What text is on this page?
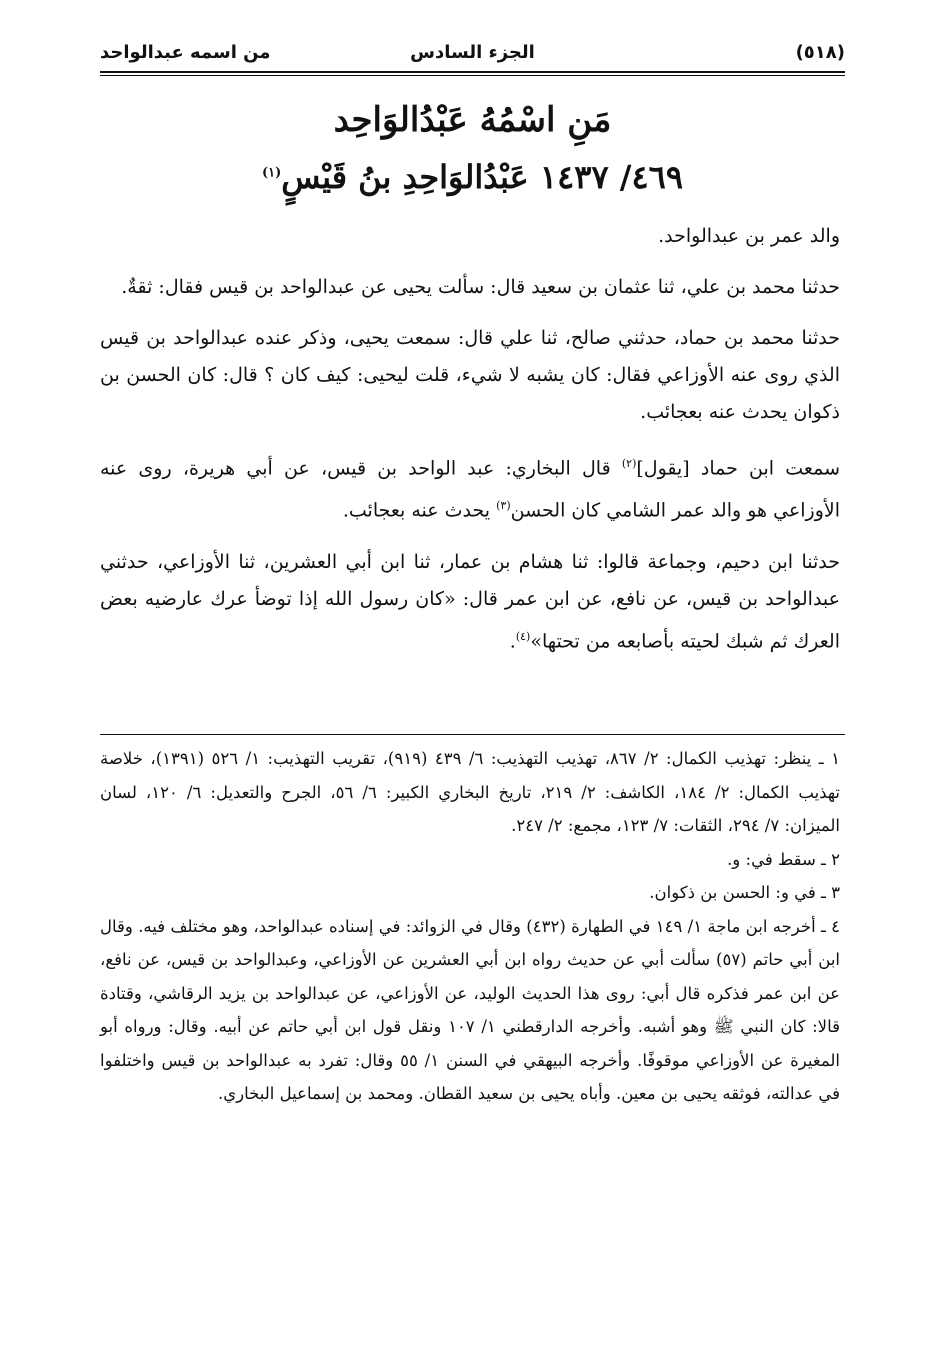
(٥١٨)
الجزء السادس
من اسمه عبدالواحد
مَنِ اسْمُهُ عَبْدُالوَاحِد
٤٦٩/ ١٤٣٧ عَبْدُالوَاحِدِ بنُ قَيْسٍ$^{(١)}$

والد عمر بن عبدالواحد.

حدثنا محمد بن علي، ثنا عثمان بن سعيد قال: سألت يحيى عن عبدالواحد بن قيس فقال: ثقةٌ.

حدثنا محمد بن حماد، حدثني صالح، ثنا علي قال: سمعت يحيى، وذكر عنده عبدالواحد بن قيس الذي روى عنه الأوزاعي فقال: كان يشبه لا شيء، قلت ليحيى: كيف كان ؟ قال: كان الحسن بن ذكوان يحدث عنه بعجائب.

سمعت ابن حماد [يقول]$^{(٢)}$ قال البخاري: عبد الواحد بن قيس، عن أبي هريرة، روى عنه الأوزاعي هو والد عمر الشامي كان الحسن$^{(٣)}$ يحدث عنه بعجائب.

حدثنا ابن دحيم، وجماعة قالوا: ثنا هشام بن عمار، ثنا ابن أبي العشرين، ثنا الأوزاعي، حدثني عبدالواحد بن قيس، عن نافع، عن ابن عمر قال: «كان رسول الله إذا توضأ عرك عارضيه بعض العرك ثم شبك لحيته بأصابعه من تحتها»$^{(٤)}$.

١ ـ ينظر: تهذيب الكمال: ٢/ ٨٦٧، تهذيب التهذيب: ٦/ ٤٣٩ (٩١٩)، تقريب التهذيب: ١/ ٥٢٦ (١٣٩١)، خلاصة تهذيب الكمال: ٢/ ١٨٤، الكاشف: ٢/ ٢١٩، تاريخ البخاري الكبير: ٦/ ٥٦، الجرح والتعديل: ٦/ ١٢٠، لسان الميزان: ٧/ ٢٩٤، الثقات: ٧/ ١٢٣، مجمع: ٢/ ٢٤٧.

٢ ـ سقط في: و.

٣ ـ في و: الحسن بن ذكوان.

٤ ـ أخرجه ابن ماجة ١/ ١٤٩ في الطهارة (٤٣٢) وقال في الزوائد: في إسناده عبدالواحد، وهو مختلف فيه. وقال ابن أبي حاتم (٥٧) سألت أبي عن حديث رواه ابن أبي العشرين عن الأوزاعي، وعبدالواحد بن قيس، عن نافع، عن ابن عمر فذكره قال أبي: روى هذا الحديث الوليد، عن الأوزاعي، عن عبدالواحد بن يزيد الرقاشي، وقتادة قالا: كان النبي ﷺ وهو أشبه. وأخرجه الدارقطني ١/ ١٠٧ ونقل قول ابن أبي حاتم عن أبيه. وقال: ورواه أبو المغيرة عن الأوزاعي موقوفًا. وأخرجه البيهقي في السنن ١/ ٥٥ وقال: تفرد به عبدالواحد بن قيس واختلفوا في عدالته، فوثقه يحيى بن معين. وأباه يحيى بن سعيد القطان. ومحمد بن إسماعيل البخاري.
